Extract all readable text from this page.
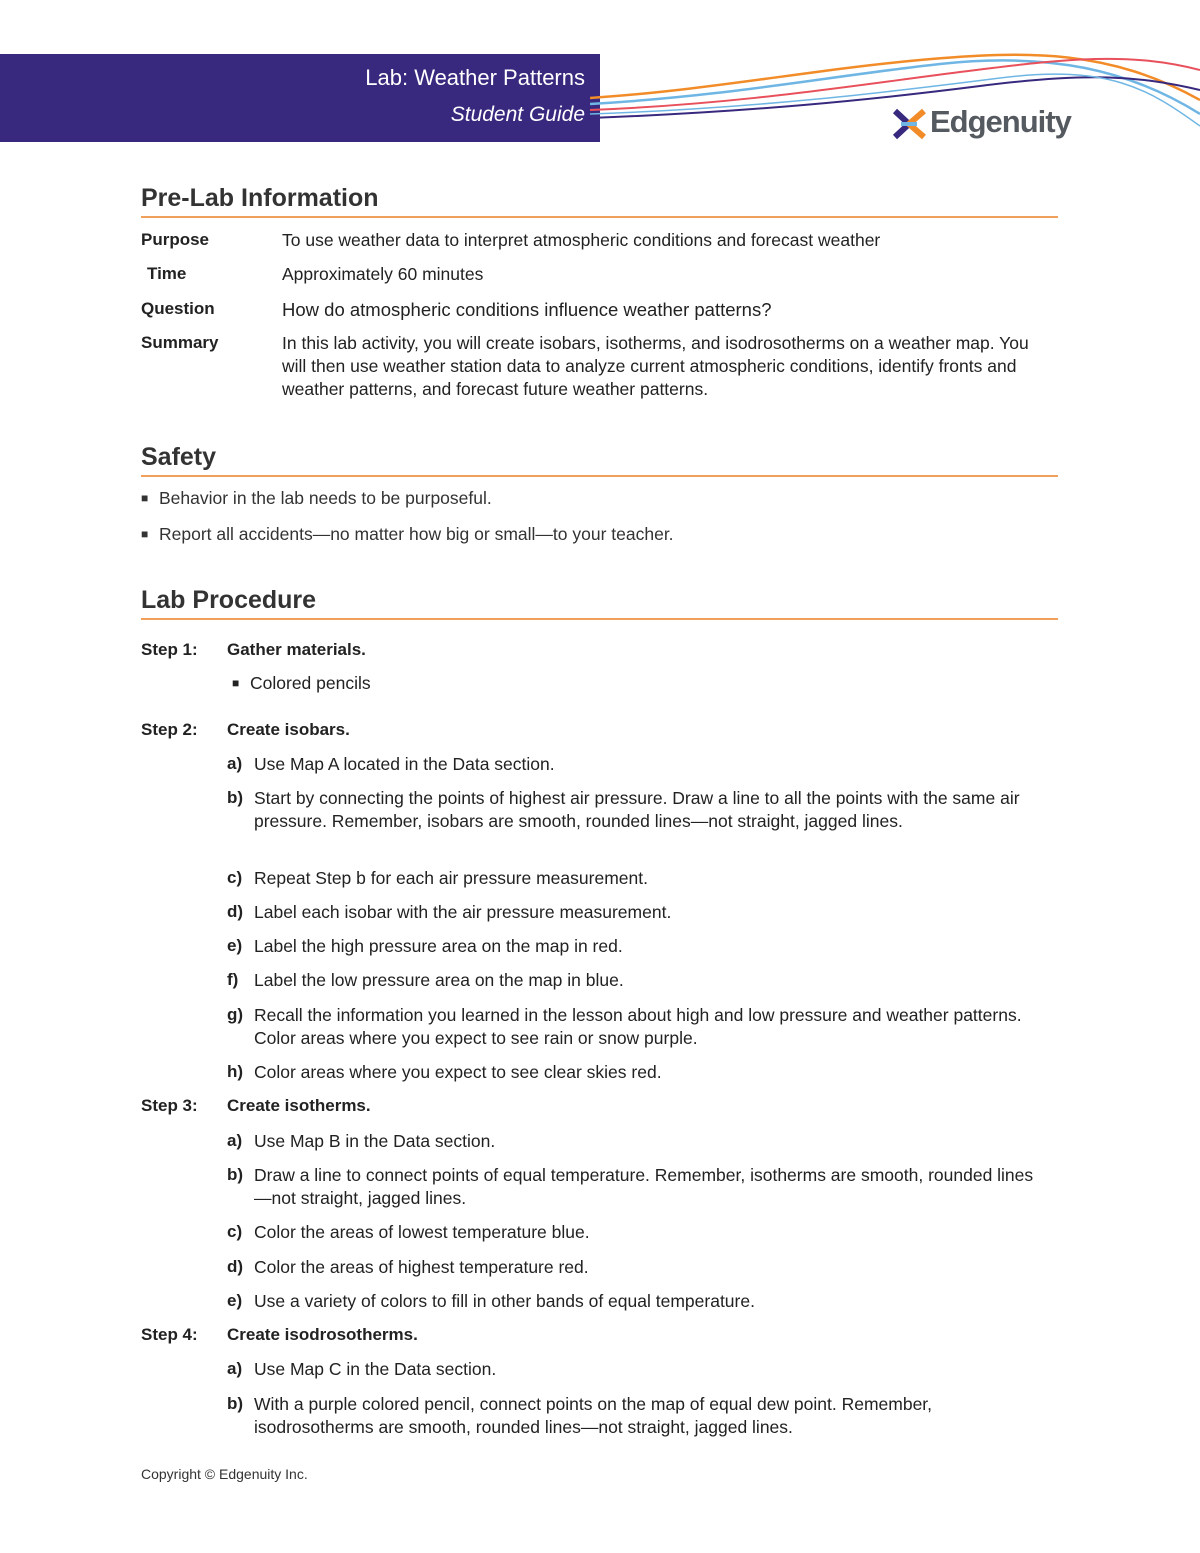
Lab: Weather Patterns
Student Guide	Edgenuity
Pre-Lab Information
Purpose	To use weather data to interpret atmospheric conditions and forecast weather
Time	Approximately 60 minutes
Question	How do atmospheric conditions influence weather patterns?
Summary	In this lab activity, you will create isobars, isotherms, and isodrosotherms on a weather map. You will then use weather station data to analyze current atmospheric conditions, identify fronts and weather patterns, and forecast future weather patterns.
Safety
■ Behavior in the lab needs to be purposeful.
■ Report all accidents—no matter how big or small—to your teacher.
Lab Procedure
Step 1: Gather materials.
■ Colored pencils
Step 2: Create isobars.
a) Use Map A located in the Data section.
b) Start by connecting the points of highest air pressure. Draw a line to all the points with the same air pressure. Remember, isobars are smooth, rounded lines—not straight, jagged lines.
c) Repeat Step b for each air pressure measurement.
d) Label each isobar with the air pressure measurement.
e) Label the high pressure area on the map in red.
f) Label the low pressure area on the map in blue.
g) Recall the information you learned in the lesson about high and low pressure and weather patterns. Color areas where you expect to see rain or snow purple.
h) Color areas where you expect to see clear skies red.
Step 3: Create isotherms.
a) Use Map B in the Data section.
b) Draw a line to connect points of equal temperature. Remember, isotherms are smooth, rounded lines—not straight, jagged lines.
c) Color the areas of lowest temperature blue.
d) Color the areas of highest temperature red.
e) Use a variety of colors to fill in other bands of equal temperature.
Step 4: Create isodrosotherms.
a) Use Map C in the Data section.
b) With a purple colored pencil, connect points on the map of equal dew point. Remember, isodrosotherms are smooth, rounded lines—not straight, jagged lines.
Copyright © Edgenuity Inc.
